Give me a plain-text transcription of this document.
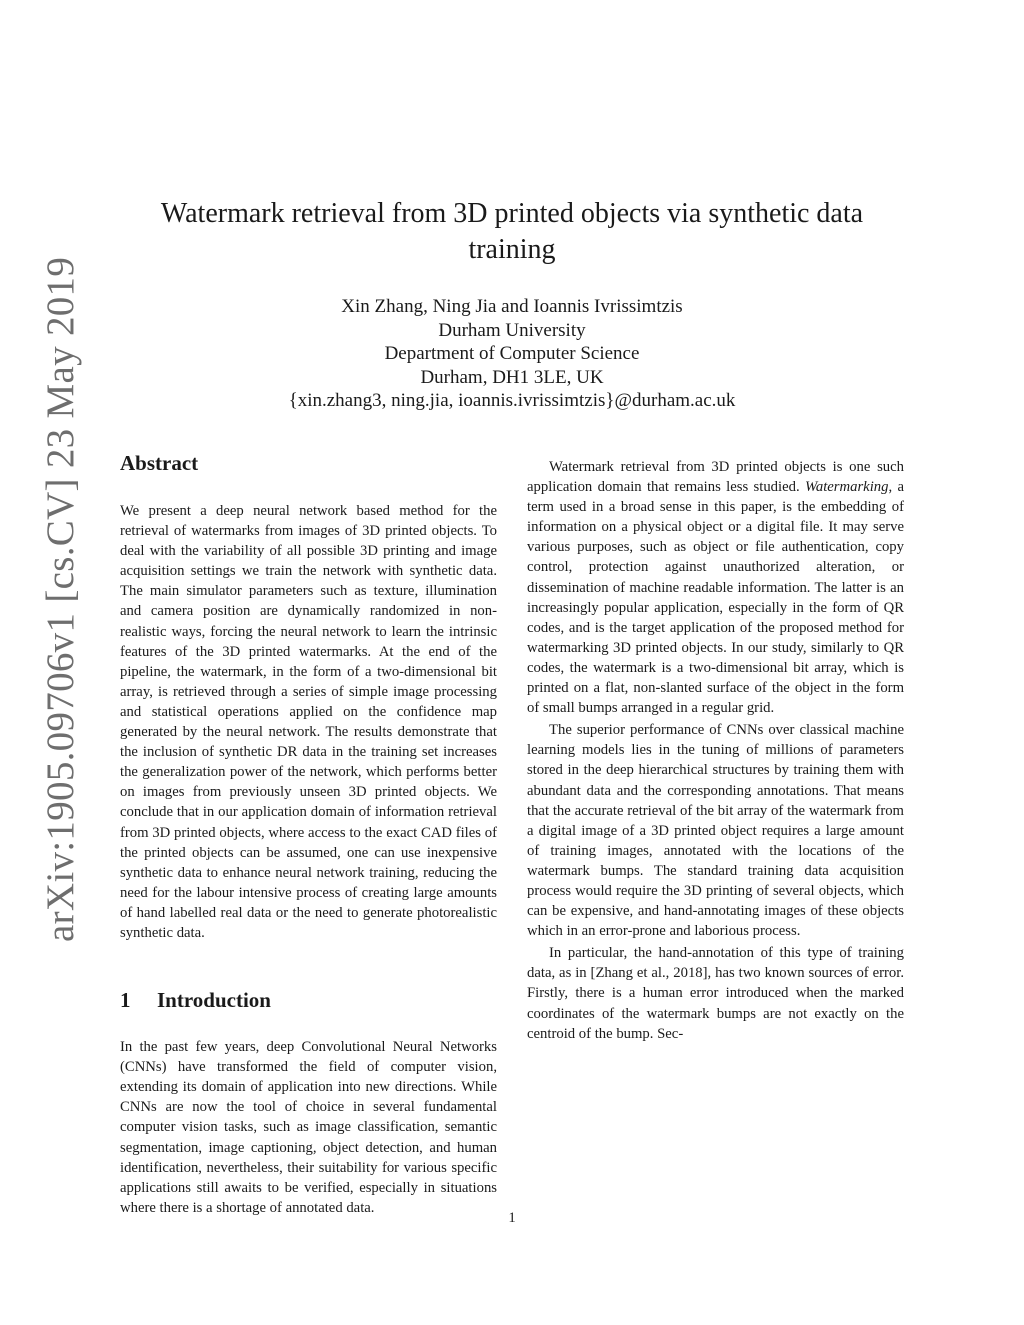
arXiv:1905.09706v1 [cs.CV] 23 May 2019
Watermark retrieval from 3D printed objects via synthetic data training
Xin Zhang, Ning Jia and Ioannis Ivrissimtzis
Durham University
Department of Computer Science
Durham, DH1 3LE, UK
{xin.zhang3, ning.jia, ioannis.ivrissimtzis}@durham.ac.uk
Abstract

We present a deep neural network based method for the retrieval of watermarks from images of 3D printed objects. To deal with the variability of all possible 3D printing and image acquisition settings we train the network with synthetic data. The main simulator parameters such as texture, illumination and camera position are dynamically randomized in non-realistic ways, forcing the neural network to learn the intrinsic features of the 3D printed watermarks. At the end of the pipeline, the watermark, in the form of a two-dimensional bit array, is retrieved through a series of simple image processing and statistical operations applied on the confidence map generated by the neural network. The results demonstrate that the inclusion of synthetic DR data in the training set increases the generalization power of the network, which performs better on images from previously unseen 3D printed objects. We conclude that in our application domain of information retrieval from 3D printed objects, where access to the exact CAD files of the printed objects can be assumed, one can use inexpensive synthetic data to enhance neural network training, reducing the need for the labour intensive process of creating large amounts of hand labelled real data or the need to generate photorealistic synthetic data.

1 Introduction

In the past few years, deep Convolutional Neural Networks (CNNs) have transformed the field of computer vision, extending its domain of application into new directions. While CNNs are now the tool of choice in several fundamental computer vision tasks, such as image classification, semantic segmentation, image captioning, object detection, and human identification, nevertheless, their suitability for various specific applications still awaits to be verified, especially in situations where there is a shortage of annotated data.

Watermark retrieval from 3D printed objects is one such application domain that remains less studied. Watermarking, a term used in a broad sense in this paper, is the embedding of information on a physical object or a digital file. It may serve various purposes, such as object or file authentication, copy control, protection against unauthorized alteration, or dissemination of machine readable information. The latter is an increasingly popular application, especially in the form of QR codes, and is the target application of the proposed method for watermarking 3D printed objects. In our study, similarly to QR codes, the watermark is a two-dimensional bit array, which is printed on a flat, non-slanted surface of the object in the form of small bumps arranged in a regular grid.

The superior performance of CNNs over classical machine learning models lies in the tuning of millions of parameters stored in the deep hierarchical structures by training them with abundant data and the corresponding annotations. That means that the accurate retrieval of the bit array of the watermark from a digital image of a 3D printed object requires a large amount of training images, annotated with the locations of the watermark bumps. The standard training data acquisition process would require the 3D printing of several objects, which can be expensive, and hand-annotating images of these objects which in an error-prone and laborious process.

In particular, the hand-annotation of this type of training data, as in [Zhang et al., 2018], has two known sources of error. Firstly, there is a human error introduced when the marked coordinates of the watermark bumps are not exactly on the centroid of the bump. Sec-

1
